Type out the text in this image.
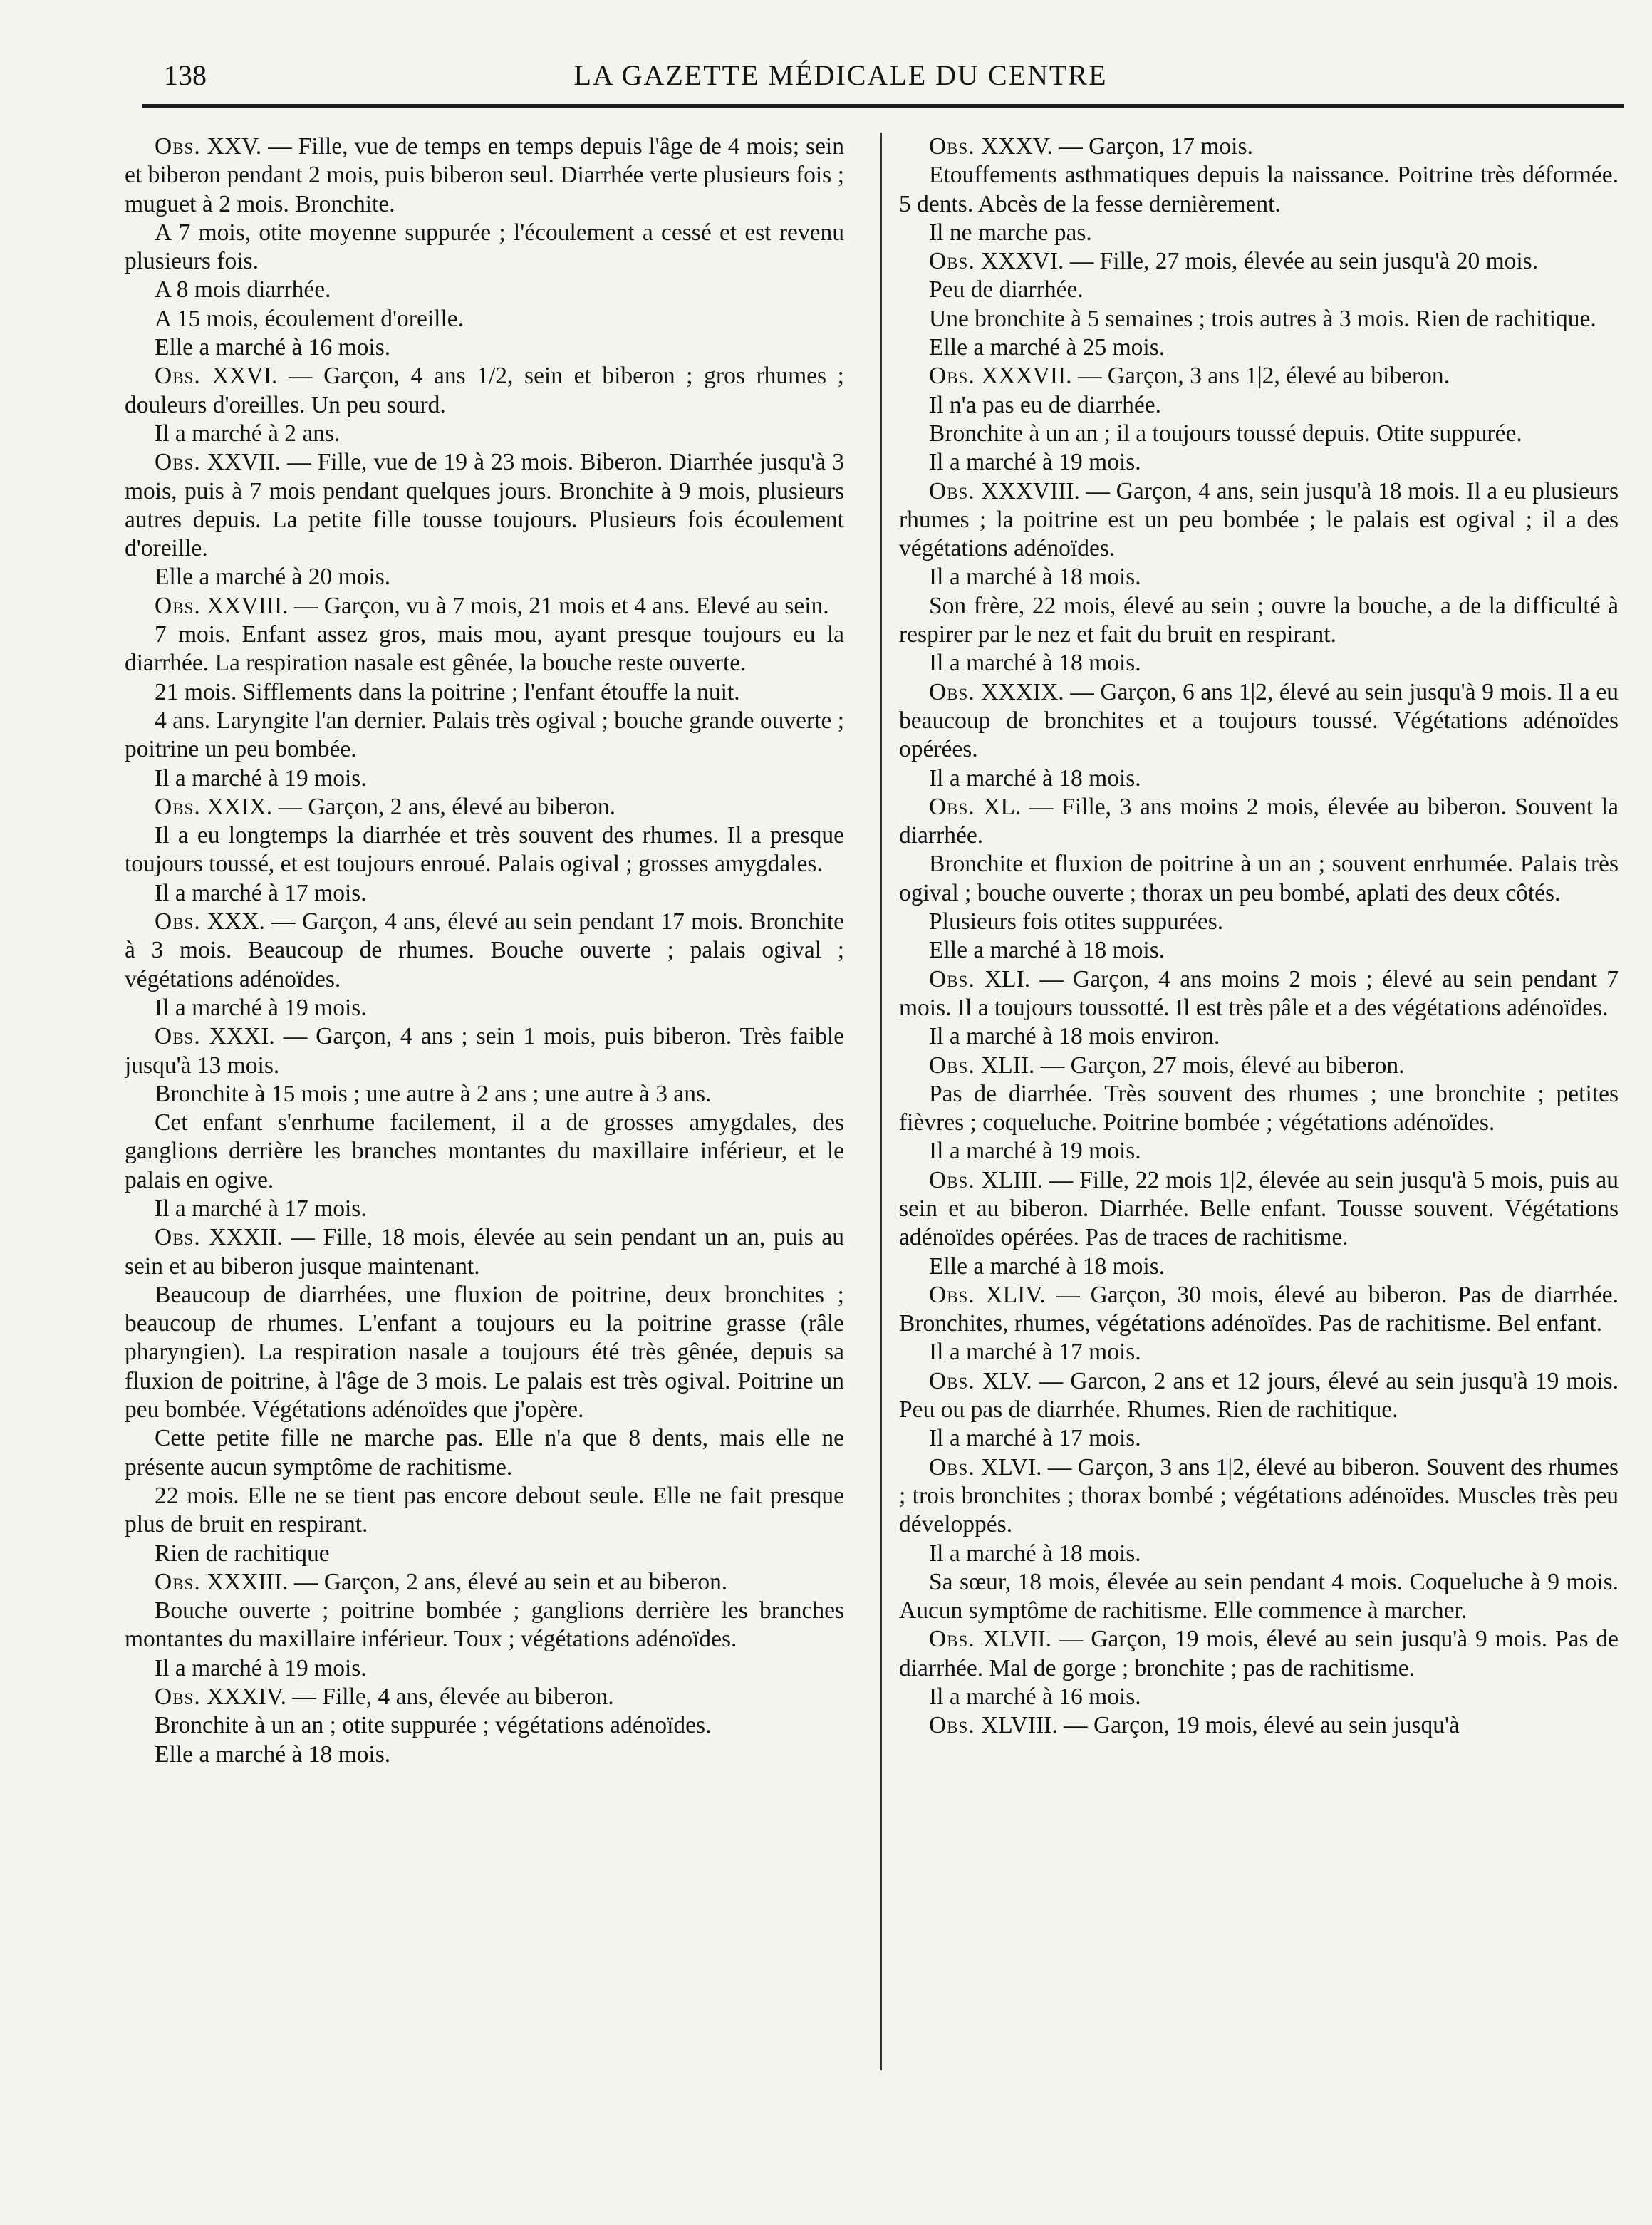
138	LA GAZETTE MÉDICALE DU CENTRE

Obs. XXV. — Fille, vue de temps en temps depuis l'âge de 4 mois; sein et biberon pendant 2 mois, puis biberon seul. Diarrhée verte plusieurs fois ; muguet à 2 mois. Bronchite.

A 7 mois, otite moyenne suppurée ; l'écoulement a cessé et est revenu plusieurs fois.

A 8 mois diarrhée.

A 15 mois, écoulement d'oreille.

Elle a marché à 16 mois.

Obs. XXVI. — Garçon, 4 ans 1/2, sein et biberon ; gros rhumes ; douleurs d'oreilles. Un peu sourd.

Il a marché à 2 ans.

Obs. XXVII. — Fille, vue de 19 à 23 mois. Biberon. Diarrhée jusqu'à 3 mois, puis à 7 mois pendant quelques jours. Bronchite à 9 mois, plusieurs autres depuis. La petite fille tousse toujours. Plusieurs fois écoulement d'oreille.

Elle a marché à 20 mois.

Obs. XXVIII. — Garçon, vu à 7 mois, 21 mois et 4 ans. Elevé au sein.

7 mois. Enfant assez gros, mais mou, ayant presque toujours eu la diarrhée. La respiration nasale est gênée, la bouche reste ouverte.

21 mois. Sifflements dans la poitrine ; l'enfant étouffe la nuit.

4 ans. Laryngite l'an dernier. Palais très ogival ; bouche grande ouverte ; poitrine un peu bombée.

Il a marché à 19 mois.

Obs. XXIX. — Garçon, 2 ans, élevé au biberon.

Il a eu longtemps la diarrhée et très souvent des rhumes. Il a presque toujours toussé, et est toujours enroué. Palais ogival ; grosses amygdales.

Il a marché à 17 mois.

Obs. XXX. — Garçon, 4 ans, élevé au sein pendant 17 mois. Bronchite à 3 mois. Beaucoup de rhumes. Bouche ouverte ; palais ogival ; végétations adénoïdes.

Il a marché à 19 mois.

Obs. XXXI. — Garçon, 4 ans ; sein 1 mois, puis biberon. Très faible jusqu'à 13 mois.

Bronchite à 15 mois ; une autre à 2 ans ; une autre à 3 ans.

Cet enfant s'enrhume facilement, il a de grosses amygdales, des ganglions derrière les branches montantes du maxillaire inférieur, et le palais en ogive.

Il a marché à 17 mois.

Obs. XXXII. — Fille, 18 mois, élevée au sein pendant un an, puis au sein et au biberon jusque maintenant.

Beaucoup de diarrhées, une fluxion de poitrine, deux bronchites ; beaucoup de rhumes. L'enfant a toujours eu la poitrine grasse (râle pharyngien). La respiration nasale a toujours été très gênée, depuis sa fluxion de poitrine, à l'âge de 3 mois. Le palais est très ogival. Poitrine un peu bombée. Végétations adénoïdes que j'opère.

Cette petite fille ne marche pas. Elle n'a que 8 dents, mais elle ne présente aucun symptôme de rachitisme.

22 mois. Elle ne se tient pas encore debout seule. Elle ne fait presque plus de bruit en respirant.

Rien de rachitique

Obs. XXXIII. — Garçon, 2 ans, élevé au sein et au biberon.

Bouche ouverte ; poitrine bombée ; ganglions derrière les branches montantes du maxillaire inférieur. Toux ; végétations adénoïdes.

Il a marché à 19 mois.

Obs. XXXIV. — Fille, 4 ans, élevée au biberon.

Bronchite à un an ; otite suppurée ; végétations adénoïdes.

Elle a marché à 18 mois.

Obs. XXXV. — Garçon, 17 mois.

Etouffements asthmatiques depuis la naissance. Poitrine très déformée. 5 dents. Abcès de la fesse dernièrement.

Il ne marche pas.

Obs. XXXVI. — Fille, 27 mois, élevée au sein jusqu'à 20 mois.

Peu de diarrhée.

Une bronchite à 5 semaines ; trois autres à 3 mois. Rien de rachitique.

Elle a marché à 25 mois.

Obs. XXXVII. — Garçon, 3 ans 1|2, élevé au biberon.

Il n'a pas eu de diarrhée.

Bronchite à un an ; il a toujours toussé depuis. Otite suppurée.

Il a marché à 19 mois.

Obs. XXXVIII. — Garçon, 4 ans, sein jusqu'à 18 mois. Il a eu plusieurs rhumes ; la poitrine est un peu bombée ; le palais est ogival ; il a des végétations adénoïdes.

Il a marché à 18 mois.

Son frère, 22 mois, élevé au sein ; ouvre la bouche, a de la difficulté à respirer par le nez et fait du bruit en respirant.

Il a marché à 18 mois.

Obs. XXXIX. — Garçon, 6 ans 1|2, élevé au sein jusqu'à 9 mois. Il a eu beaucoup de bronchites et a toujours toussé. Végétations adénoïdes opérées.

Il a marché à 18 mois.

Obs. XL. — Fille, 3 ans moins 2 mois, élevée au biberon. Souvent la diarrhée.

Bronchite et fluxion de poitrine à un an ; souvent enrhumée. Palais très ogival ; bouche ouverte ; thorax un peu bombé, aplati des deux côtés.

Plusieurs fois otites suppurées.

Elle a marché à 18 mois.

Obs. XLI. — Garçon, 4 ans moins 2 mois ; élevé au sein pendant 7 mois. Il a toujours toussotté. Il est très pâle et a des végétations adénoïdes.

Il a marché à 18 mois environ.

Obs. XLII. — Garçon, 27 mois, élevé au biberon.

Pas de diarrhée. Très souvent des rhumes ; une bronchite ; petites fièvres ; coqueluche. Poitrine bombée ; végétations adénoïdes.

Il a marché à 19 mois.

Obs. XLIII. — Fille, 22 mois 1|2, élevée au sein jusqu'à 5 mois, puis au sein et au biberon. Diarrhée. Belle enfant. Tousse souvent. Végétations adénoïdes opérées. Pas de traces de rachitisme.

Elle a marché à 18 mois.

Obs. XLIV. — Garçon, 30 mois, élevé au biberon. Pas de diarrhée. Bronchites, rhumes, végétations adénoïdes. Pas de rachitisme. Bel enfant.

Il a marché à 17 mois.

Obs. XLV. — Garcon, 2 ans et 12 jours, élevé au sein jusqu'à 19 mois. Peu ou pas de diarrhée. Rhumes. Rien de rachitique.

Il a marché à 17 mois.

Obs. XLVI. — Garçon, 3 ans 1|2, élevé au biberon. Souvent des rhumes ; trois bronchites ; thorax bombé ; végétations adénoïdes. Muscles très peu développés.

Il a marché à 18 mois.

Sa sœur, 18 mois, élevée au sein pendant 4 mois. Coqueluche à 9 mois. Aucun symptôme de rachitisme. Elle commence à marcher.

Obs. XLVII. — Garçon, 19 mois, élevé au sein jusqu'à 9 mois. Pas de diarrhée. Mal de gorge ; bronchite ; pas de rachitisme.

Il a marché à 16 mois.

Obs. XLVIII. — Garçon, 19 mois, élevé au sein jusqu'à
